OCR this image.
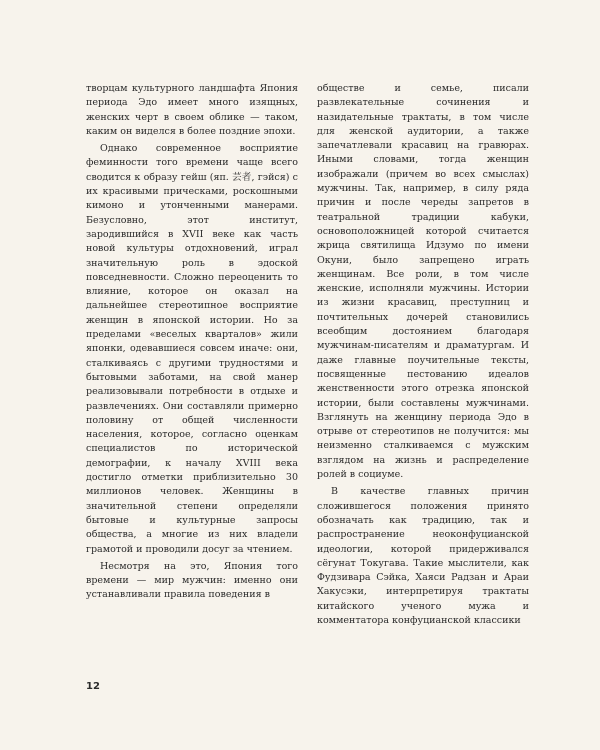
творцам культурного ландшафта Япония периода Эдо имеет много изящных, женских черт в своем облике — таком, каким он виделся в более поздние эпохи.

Однако современное восприятие феминности того времени чаще всего сводится к образу гейш (яп. 芸者, гэйся) с их красивыми прическами, роскошными кимоно и утонченными манерами. Безусловно, этот институт, зародившийся в XVII веке как часть новой культуры отдохновений, играл значительную роль в эдоской повседневности. Сложно переоценить то влияние, которое он оказал на дальнейшее стереотипное восприятие женщин в японской истории. Но за пределами «веселых кварталов» жили японки, одевавшиеся совсем иначе: они, сталкиваясь с другими трудностями и бытовыми заботами, на свой манер реализовывали потребности в отдыхе и развлечениях. Они составляли примерно половину от общей численности населения, которое, согласно оценкам специалистов по исторической демографии, к началу XVIII века достигло отметки приблизительно 30 миллионов человек. Женщины в значительной степени определяли бытовые и культурные запросы общества, а многие из них владели грамотой и проводили досуг за чтением.

Несмотря на это, Япония того времени — мир мужчин: именно они устанавливали правила поведения в

обществе и семье, писали развлекательные сочинения и назидательные трактаты, в том числе для женской аудитории, а также запечатлевали красавиц на гравюрах. Иными словами, тогда женщин изображали (причем во всех смыслах) мужчины. Так, например, в силу ряда причин и после череды запретов в театральной традиции кабуки, основоположницей которой считается жрица святилища Идзумо по имени Окуни, было запрещено играть женщинам. Все роли, в том числе женские, исполняли мужчины. Истории из жизни красавиц, преступниц и почтительных дочерей становились всеобщим достоянием благодаря мужчинам-писателям и драматургам. И даже главные поучительные тексты, посвященные пестованию идеалов женственности этого отрезка японской истории, были составлены мужчинами. Взглянуть на женщину периода Эдо в отрыве от стереотипов не получится: мы неизменно сталкиваемся с мужским взглядом на жизнь и распределение ролей в социуме.

В качестве главных причин сложившегося положения принято обозначать как традицию, так и распространение неоконфуцианской идеологии, которой придерживался сёгунат Токугава. Такие мыслители, как Фудзивара Сэйка, Хаяси Радзан и Араи Хакусэки, интерпретируя трактаты китайского ученого мужа и комментатора конфуцианской классики

12
